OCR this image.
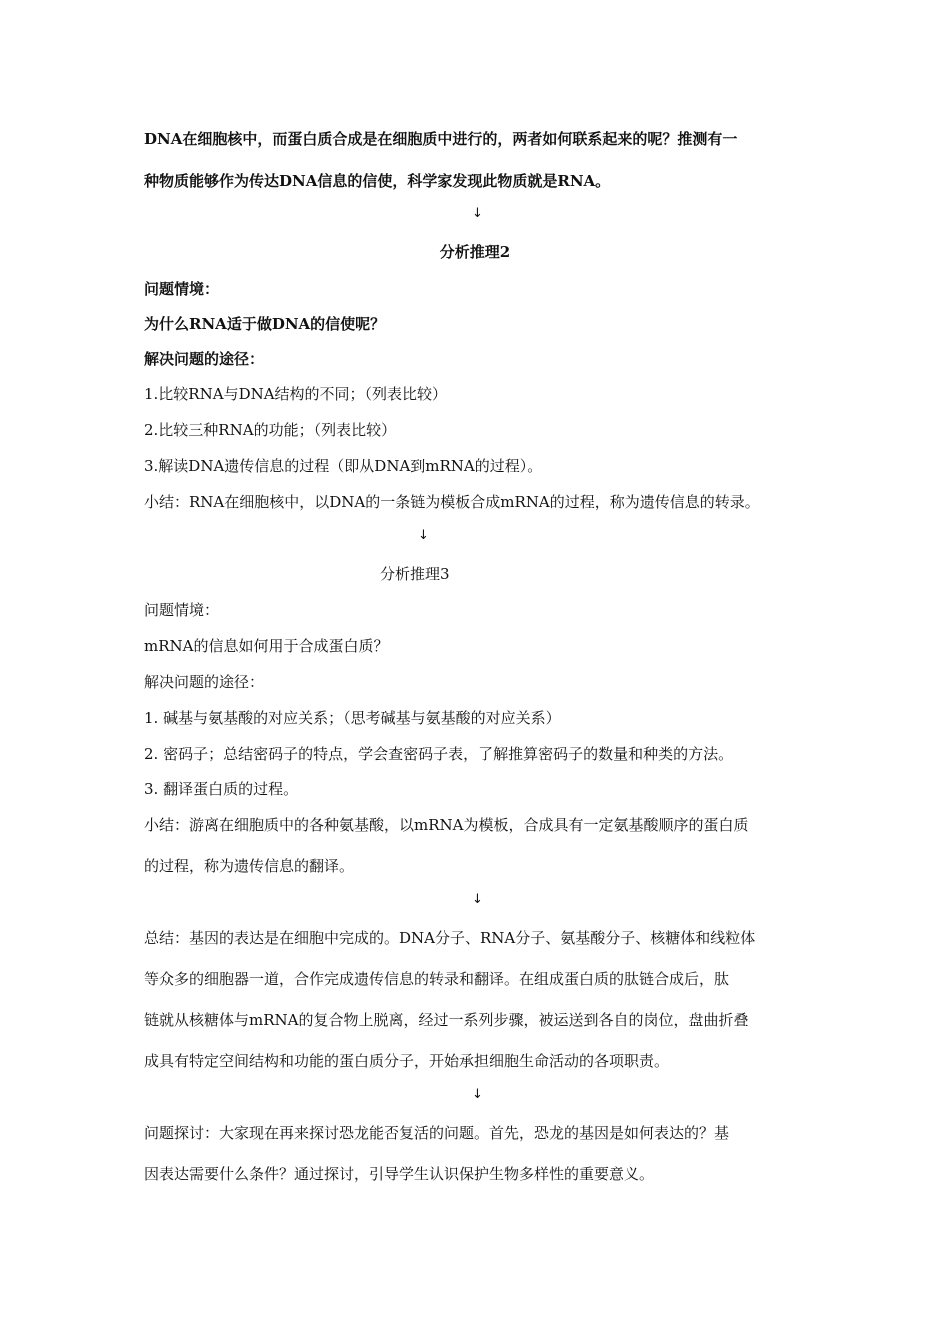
DNA在细胞核中，而蛋白质合成是在细胞质中进行的，两者如何联系起来的呢？推测有一
种物质能够作为传达DNA信息的信使，科学家发现此物质就是RNA。
↓
分析推理2
问题情境：
为什么RNA适于做DNA的信使呢？
解决问题的途径：
1.比较RNA与DNA结构的不同；（列表比较）
2.比较三种RNA的功能；（列表比较）
3.解读DNA遗传信息的过程（即从DNA到mRNA的过程）。
小结：RNA在细胞核中，以DNA的一条链为模板合成mRNA的过程，称为遗传信息的转录。
↓
分析推理3
问题情境：
mRNA的信息如何用于合成蛋白质？
解决问题的途径：
1. 碱基与氨基酸的对应关系；（思考碱基与氨基酸的对应关系）
2. 密码子；总结密码子的特点，学会查密码子表，了解推算密码子的数量和种类的方法。
3. 翻译蛋白质的过程。
小结：游离在细胞质中的各种氨基酸，以mRNA为模板，合成具有一定氨基酸顺序的蛋白质
的过程，称为遗传信息的翻译。
↓
总结：基因的表达是在细胞中完成的。DNA分子、RNA分子、氨基酸分子、核糖体和线粒体
等众多的细胞器一道，合作完成遗传信息的转录和翻译。在组成蛋白质的肽链合成后，肽
链就从核糖体与mRNA的复合物上脱离，经过一系列步骤，被运送到各自的岗位，盘曲折叠
成具有特定空间结构和功能的蛋白质分子，开始承担细胞生命活动的各项职责。
↓
问题探讨：大家现在再来探讨恐龙能否复活的问题。首先，恐龙的基因是如何表达的？基
因表达需要什么条件？通过探讨，引导学生认识保护生物多样性的重要意义。
